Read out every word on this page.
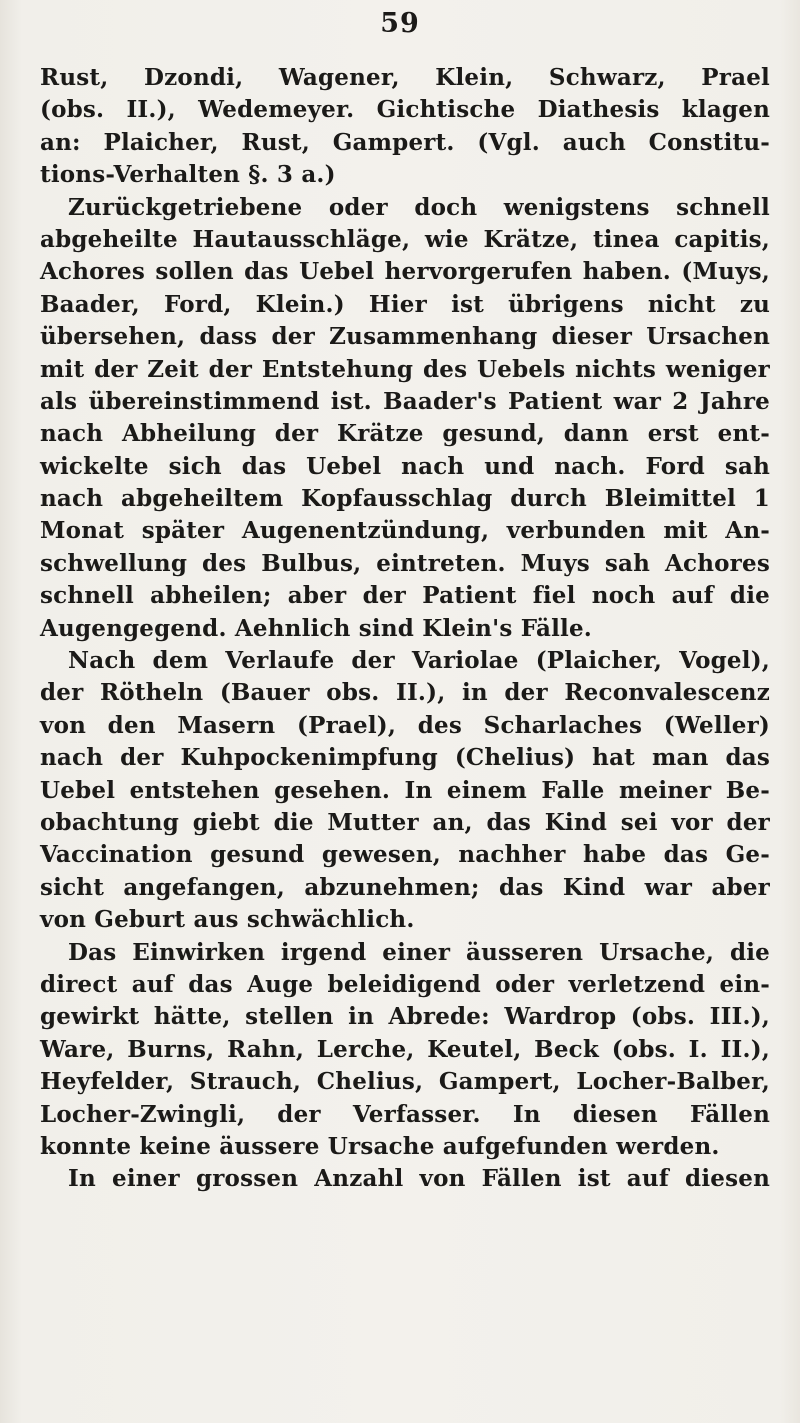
59
Rust, Dzondi, Wagener, Klein, Schwarz, Prael
(obs. II.), Wedemeyer. Gichtische Diathesis klagen
an: Plaicher, Rust, Gampert. (Vgl. auch Constitu-
tions-Verhalten §. 3 a.)
Zurückgetriebene oder doch wenigstens schnell
abgeheilte Hautausschläge, wie Krätze, tinea capitis,
Achores sollen das Uebel hervorgerufen haben. (Muys,
Baader, Ford, Klein.) Hier ist übrigens nicht zu
übersehen, dass der Zusammenhang dieser Ursachen
mit der Zeit der Entstehung des Uebels nichts weniger
als übereinstimmend ist. Baader's Patient war 2 Jahre
nach Abheilung der Krätze gesund, dann erst ent-
wickelte sich das Uebel nach und nach. Ford sah
nach abgeheiltem Kopfausschlag durch Bleimittel 1
Monat später Augenentzündung, verbunden mit An-
schwellung des Bulbus, eintreten. Muys sah Achores
schnell abheilen; aber der Patient fiel noch auf die
Augengegend. Aehnlich sind Klein's Fälle.
Nach dem Verlaufe der Variolae (Plaicher, Vogel),
der Rötheln (Bauer obs. II.), in der Reconvalescenz
von den Masern (Prael), des Scharlaches (Weller)
nach der Kuhpockenimpfung (Chelius) hat man das
Uebel entstehen gesehen. In einem Falle meiner Be-
obachtung giebt die Mutter an, das Kind sei vor der
Vaccination gesund gewesen, nachher habe das Ge-
sicht angefangen, abzunehmen; das Kind war aber
von Geburt aus schwächlich.
Das Einwirken irgend einer äusseren Ursache, die
direct auf das Auge beleidigend oder verletzend ein-
gewirkt hätte, stellen in Abrede: Wardrop (obs. III.),
Ware, Burns, Rahn, Lerche, Keutel, Beck (obs. I. II.),
Heyfelder, Strauch, Chelius, Gampert, Locher-Balber,
Locher-Zwingli, der Verfasser. In diesen Fällen
konnte keine äussere Ursache aufgefunden werden.
In einer grossen Anzahl von Fällen ist auf diesen
